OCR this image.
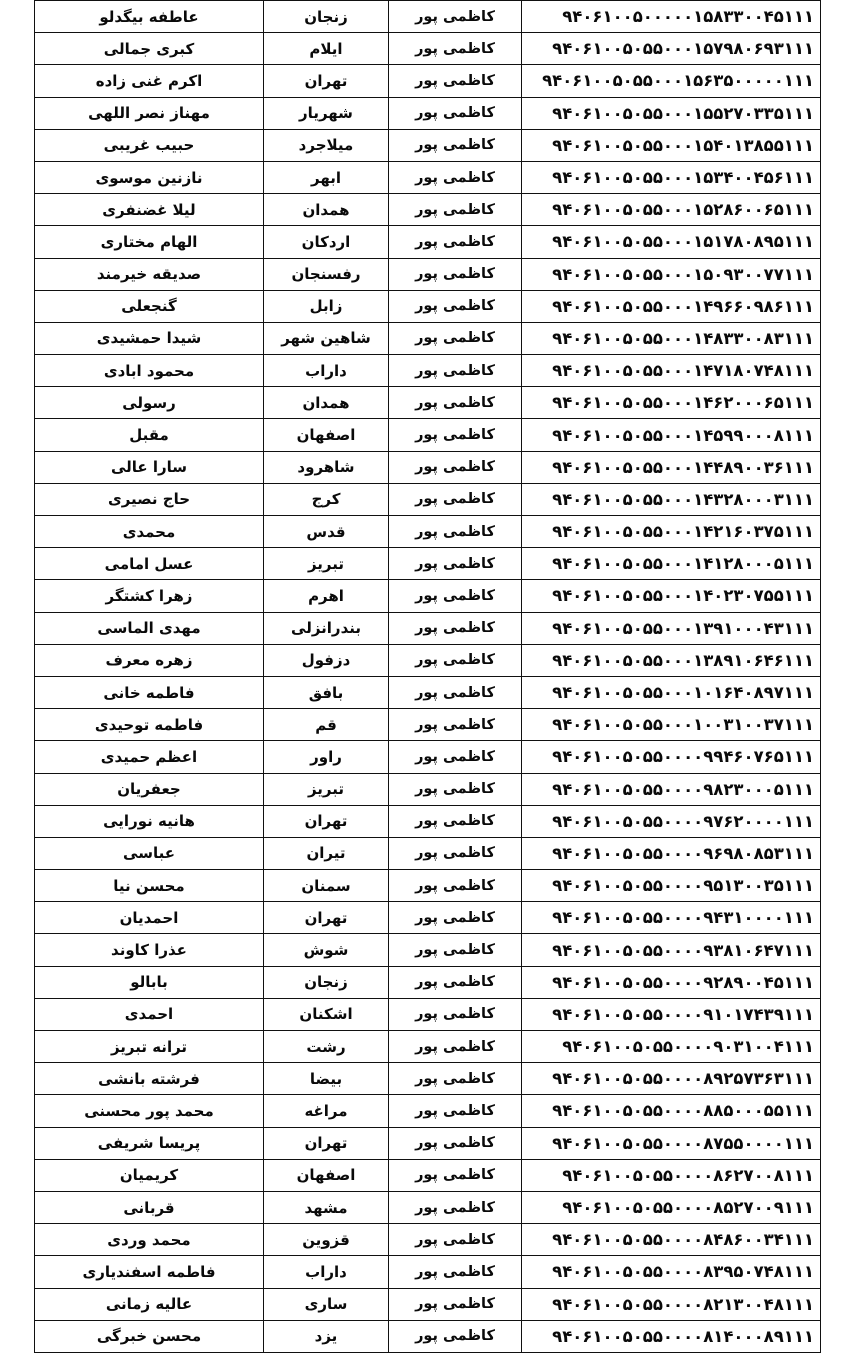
عاطفه بیگدلو	زنجان	کاظمی پور	۹۴۰۶۱۰۰۵۰۰۰۰۰۱۵۸۳۳۰۰۴۵۱۱۱
کبری جمالی	ایلام	کاظمی پور	۹۴۰۶۱۰۰۵۰۵۵۰۰۰۱۵۷۹۸۰۶۹۳۱۱۱
اکرم غنی زاده	تهران	کاظمی پور	۹۴۰۶۱۰۰۵۰۵۵۰۰۰۱۵۶۳۵۰۰۰۰۰۱۱۱
مهناز نصر اللهی	شهریار	کاظمی پور	۹۴۰۶۱۰۰۵۰۵۵۰۰۰۱۵۵۲۷۰۳۳۵۱۱۱
حبیب غریبی	میلاجرد	کاظمی پور	۹۴۰۶۱۰۰۵۰۵۵۰۰۰۱۵۴۰۱۳۸۵۵۱۱۱
نازنین موسوی	ابهر	کاظمی پور	۹۴۰۶۱۰۰۵۰۵۵۰۰۰۱۵۳۴۰۰۴۵۶۱۱۱
لیلا غضنفری	همدان	کاظمی پور	۹۴۰۶۱۰۰۵۰۵۵۰۰۰۱۵۲۸۶۰۰۶۵۱۱۱
الهام مختاری	اردکان	کاظمی پور	۹۴۰۶۱۰۰۵۰۵۵۰۰۰۱۵۱۷۸۰۸۹۵۱۱۱
صدیقه خیرمند	رفسنجان	کاظمی پور	۹۴۰۶۱۰۰۵۰۵۵۰۰۰۱۵۰۹۳۰۰۷۷۱۱۱
گنجعلی	زابل	کاظمی پور	۹۴۰۶۱۰۰۵۰۵۵۰۰۰۱۴۹۶۶۰۹۸۶۱۱۱
شیدا حمشیدی	شاهین شهر	کاظمی پور	۹۴۰۶۱۰۰۵۰۵۵۰۰۰۱۴۸۳۳۰۰۸۳۱۱۱
محمود ابادی	داراب	کاظمی پور	۹۴۰۶۱۰۰۵۰۵۵۰۰۰۱۴۷۱۸۰۷۴۸۱۱۱
رسولی	همدان	کاظمی پور	۹۴۰۶۱۰۰۵۰۵۵۰۰۰۱۴۶۲۰۰۰۶۵۱۱۱
مقبل	اصفهان	کاظمی پور	۹۴۰۶۱۰۰۵۰۵۵۰۰۰۱۴۵۹۹۰۰۰۸۱۱۱
سارا عالی	شاهرود	کاظمی پور	۹۴۰۶۱۰۰۵۰۵۵۰۰۰۱۴۴۸۹۰۰۳۶۱۱۱
حاج نصیری	کرج	کاظمی پور	۹۴۰۶۱۰۰۵۰۵۵۰۰۰۱۴۳۲۸۰۰۰۳۱۱۱
محمدی	قدس	کاظمی پور	۹۴۰۶۱۰۰۵۰۵۵۰۰۰۱۴۲۱۶۰۳۷۵۱۱۱
عسل امامی	تبریز	کاظمی پور	۹۴۰۶۱۰۰۵۰۵۵۰۰۰۱۴۱۲۸۰۰۰۵۱۱۱
زهرا کشتگر	اهرم	کاظمی پور	۹۴۰۶۱۰۰۵۰۵۵۰۰۰۱۴۰۲۳۰۷۵۵۱۱۱
مهدی الماسی	بندرانزلی	کاظمی پور	۹۴۰۶۱۰۰۵۰۵۵۰۰۰۱۳۹۱۰۰۰۴۳۱۱۱
زهره معرف	دزفول	کاظمی پور	۹۴۰۶۱۰۰۵۰۵۵۰۰۰۱۳۸۹۱۰۶۴۶۱۱۱
فاطمه خانی	بافق	کاظمی پور	۹۴۰۶۱۰۰۵۰۵۵۰۰۰۱۰۱۶۴۰۸۹۷۱۱۱
فاطمه توحیدی	قم	کاظمی پور	۹۴۰۶۱۰۰۵۰۵۵۰۰۰۱۰۰۳۱۰۰۳۷۱۱۱
اعظم حمیدی	راور	کاظمی پور	۹۴۰۶۱۰۰۵۰۵۵۰۰۰۰۹۹۴۶۰۷۶۵۱۱۱
جعفریان	تبریز	کاظمی پور	۹۴۰۶۱۰۰۵۰۵۵۰۰۰۰۹۸۲۳۰۰۰۵۱۱۱
هانیه نورایی	تهران	کاظمی پور	۹۴۰۶۱۰۰۵۰۵۵۰۰۰۰۹۷۶۲۰۰۰۰۱۱۱
عباسی	تیران	کاظمی پور	۹۴۰۶۱۰۰۵۰۵۵۰۰۰۰۹۶۹۸۰۸۵۳۱۱۱
محسن نیا	سمنان	کاظمی پور	۹۴۰۶۱۰۰۵۰۵۵۰۰۰۰۹۵۱۳۰۰۳۵۱۱۱
احمدیان	تهران	کاظمی پور	۹۴۰۶۱۰۰۵۰۵۵۰۰۰۰۹۴۳۱۰۰۰۰۱۱۱
عذرا کاوند	شوش	کاظمی پور	۹۴۰۶۱۰۰۵۰۵۵۰۰۰۰۹۳۸۱۰۶۴۷۱۱۱
بابالو	زنجان	کاظمی پور	۹۴۰۶۱۰۰۵۰۵۵۰۰۰۰۹۲۸۹۰۰۴۵۱۱۱
احمدی	اشکنان	کاظمی پور	۹۴۰۶۱۰۰۵۰۵۵۰۰۰۰۹۱۰۱۷۴۳۹۱۱۱
ترانه تبریز	رشت	کاظمی پور	۹۴۰۶۱۰۰۵۰۵۵۰۰۰۰۹۰۳۱۰۰۴۱۱۱
فرشته بانشی	بیضا	کاظمی پور	۹۴۰۶۱۰۰۵۰۵۵۰۰۰۰۸۹۲۵۷۳۶۳۱۱۱
محمد پور محسنی	مراغه	کاظمی پور	۹۴۰۶۱۰۰۵۰۵۵۰۰۰۰۸۸۵۰۰۰۵۵۱۱۱
پریسا شریفی	تهران	کاظمی پور	۹۴۰۶۱۰۰۵۰۵۵۰۰۰۰۸۷۵۵۰۰۰۰۱۱۱
کریمیان	اصفهان	کاظمی پور	۹۴۰۶۱۰۰۵۰۵۵۰۰۰۰۸۶۲۷۰۰۸۱۱۱
قربانی	مشهد	کاظمی پور	۹۴۰۶۱۰۰۵۰۵۵۰۰۰۰۸۵۲۷۰۰۹۱۱۱
محمد وردی	قزوین	کاظمی پور	۹۴۰۶۱۰۰۵۰۵۵۰۰۰۰۸۴۸۶۰۰۳۴۱۱۱
فاطمه اسفندیاری	داراب	کاظمی پور	۹۴۰۶۱۰۰۵۰۵۵۰۰۰۰۸۳۹۵۰۷۴۸۱۱۱
عالیه زمانی	ساری	کاظمی پور	۹۴۰۶۱۰۰۵۰۵۵۰۰۰۰۸۲۱۳۰۰۴۸۱۱۱
محسن خبرگی	یزد	کاظمی پور	۹۴۰۶۱۰۰۵۰۵۵۰۰۰۰۸۱۴۰۰۰۸۹۱۱۱
